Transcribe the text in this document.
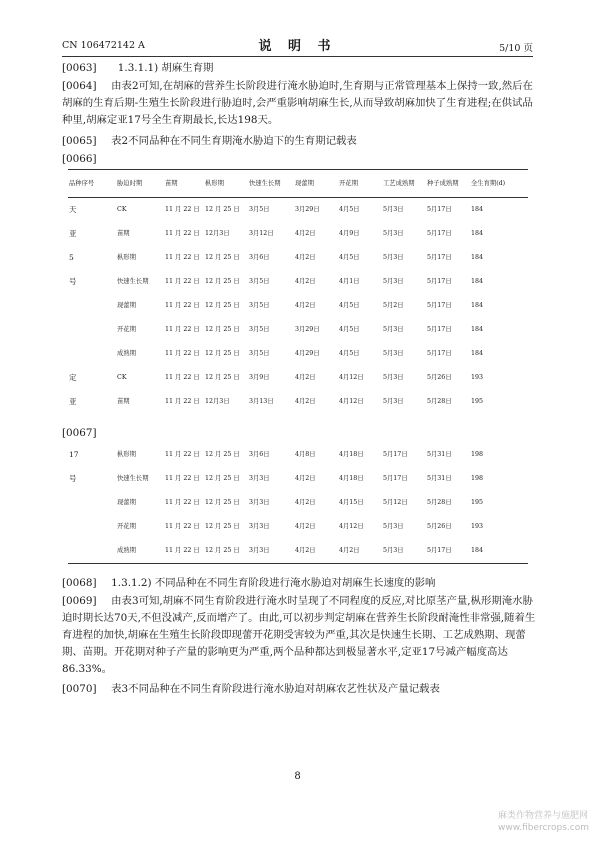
CN 106472142 A	说 明 书	5/10 页

[0063] 1.3.1.1) 胡麻生育期

[0064] 由表2可知,在胡麻的营养生长阶段进行淹水胁迫时,生育期与正常管理基本上保持一致,然后在胡麻的生育后期-生殖生长阶段进行胁迫时,会严重影响胡麻生长,从而导致胡麻加快了生育进程;在供试品种里,胡麻定亚17号全生育期最长,长达198天。

[0065] 表2不同品种在不同生育期淹水胁迫下的生育期记载表

[0066]

品种序号	胁迫时期	苗期	枞形期	快速生长期	现蕾期	开花期	工艺成熟期	种子成熟期	全生育期(d)
天	CK	11 月 22 日	12 月 25 日	3月5日	3月29日	4月5日	5月3日	5月17日	184
亚	苗期	11 月 22 日	12月3日	3月12日	4月2日	4月9日	5月3日	5月17日	184
5	枞形期	11 月 22 日	12 月 25 日	3月6日	4月2日	4月5日	5月3日	5月17日	184
号	快速生长期	11 月 22 日	12 月 25 日	3月5日	4月2日	4月1日	5月3日	5月17日	184
	现蕾期	11 月 22 日	12 月 25 日	3月5日	4月2日	4月5日	5月2日	5月17日	184
	开花期	11 月 22 日	12 月 25 日	3月5日	3月29日	4月5日	5月3日	5月17日	184
	成熟期	11 月 22 日	12 月 25 日	3月5日	4月29日	4月5日	5月3日	5月17日	184
定	CK	11 月 22 日	12 月 25 日	3月9日	4月2日	4月12日	5月3日	5月26日	193
亚	苗期	11 月 22 日	12月3日	3月13日	4月2日	4月12日	5月3日	5月28日	195

[0067]

17	枞形期	11 月 22 日	12 月 25 日	3月6日	4月8日	4月18日	5月17日	5月31日	198
号	快速生长期	11 月 22 日	12 月 25 日	3月3日	4月2日	4月18日	5月17日	5月31日	198
	现蕾期	11 月 22 日	12 月 25 日	3月3日	4月2日	4月15日	5月12日	5月28日	195
	开花期	11 月 22 日	12 月 25 日	3月3日	4月2日	4月12日	5月3日	5月26日	193
	成熟期	11 月 22 日	12 月 25 日	3月3日	4月2日	4月2日	5月3日	5月17日	184

[0068] 1.3.1.2) 不同品种在不同生育阶段进行淹水胁迫对胡麻生长速度的影响

[0069] 由表3可知,胡麻不同生育阶段进行淹水时呈现了不同程度的反应,对比原茎产量,枞形期淹水胁迫时期长达70天,不但没减产,反而增产了。由此,可以初步判定胡麻在营养生长阶段耐淹性非常强,随着生育进程的加快,胡麻在生殖生长阶段即现蕾开花期受害较为严重,其次是快速生长期、工艺成熟期、现蕾期、苗期。开花期对种子产量的影响更为严重,两个品种都达到极显著水平,定亚17号减产幅度高达86.33%。

[0070] 表3不同品种在不同生育阶段进行淹水胁迫对胡麻农艺性状及产量记载表

8
麻类作物营养与施肥网
www.fibercrops.com
